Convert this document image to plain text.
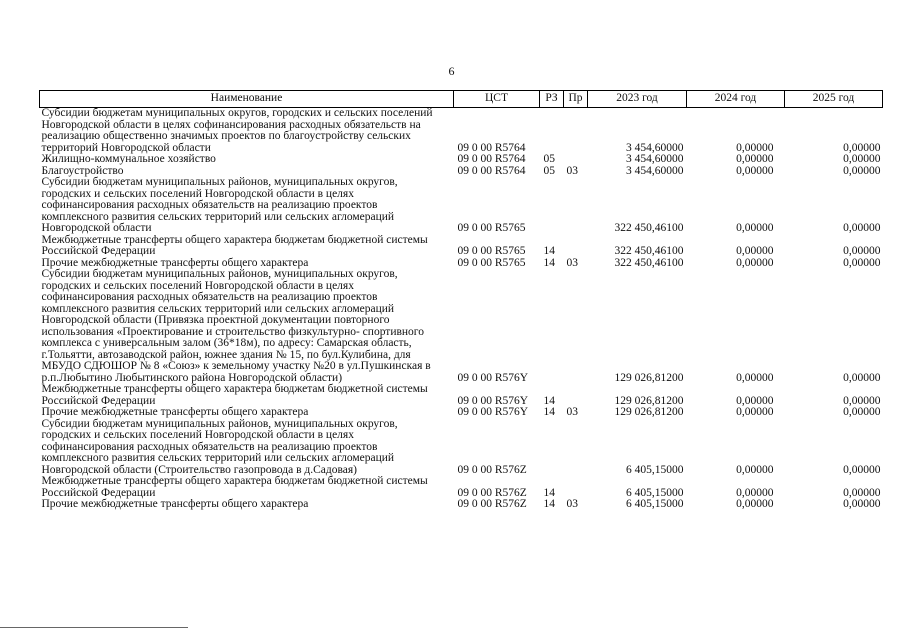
6
Наименование	ЦСТ	РЗ	Пр	2023 год	2024 год	2025 год
Субсидии бюджетам муниципальных округов, городских и сельских поселений Новгородской области в целях софинансирования расходных обязательств на реализацию общественно значимых проектов по благоустройству сельских территорий Новгородской области	09 0 00 R5764			3 454,60000	0,00000	0,00000
Жилищно-коммунальное хозяйство	09 0 00 R5764	05		3 454,60000	0,00000	0,00000
Благоустройство	09 0 00 R5764	05	03	3 454,60000	0,00000	0,00000
Субсидии бюджетам муниципальных районов, муниципальных округов, городских и сельских поселений Новгородской области в целях софинансирования расходных обязательств на реализацию проектов комплексного развития сельских территорий или сельских агломераций Новгородской области	09 0 00 R5765			322 450,46100	0,00000	0,00000
Межбюджетные трансферты общего характера бюджетам бюджетной системы Российской Федерации	09 0 00 R5765	14		322 450,46100	0,00000	0,00000
Прочие межбюджетные трансферты общего характера	09 0 00 R5765	14	03	322 450,46100	0,00000	0,00000
Субсидии бюджетам муниципальных районов, муниципальных округов, городских и сельских поселений Новгородской области в целях софинансирования расходных обязательств на реализацию проектов комплексного развития сельских территорий или сельских агломераций Новгородской области (Привязка проектной документации повторного использования «Проектирование и строительство физкультурно- спортивного комплекса с универсальным залом (36*18м), по адресу: Самарская область, г.Тольятти, автозаводской район, южнее здания № 15, по бул.Кулибина, для МБУДО СДЮШОР № 8 «Союз» к земельному участку №20 в ул.Пушкинская в р.п.Любытино Любытинского района Новгородской области)	09 0 00 R576Y			129 026,81200	0,00000	0,00000
Межбюджетные трансферты общего характера бюджетам бюджетной системы Российской Федерации	09 0 00 R576Y	14		129 026,81200	0,00000	0,00000
Прочие межбюджетные трансферты общего характера	09 0 00 R576Y	14	03	129 026,81200	0,00000	0,00000
Субсидии бюджетам муниципальных районов, муниципальных округов, городских и сельских поселений Новгородской области в целях софинансирования расходных обязательств на реализацию проектов комплексного развития сельских территорий или сельских агломераций Новгородской области (Строительство газопровода в д.Садовая)	09 0 00 R576Z			6 405,15000	0,00000	0,00000
Межбюджетные трансферты общего характера бюджетам бюджетной системы Российской Федерации	09 0 00 R576Z	14		6 405,15000	0,00000	0,00000
Прочие межбюджетные трансферты общего характера	09 0 00 R576Z	14	03	6 405,15000	0,00000	0,00000
